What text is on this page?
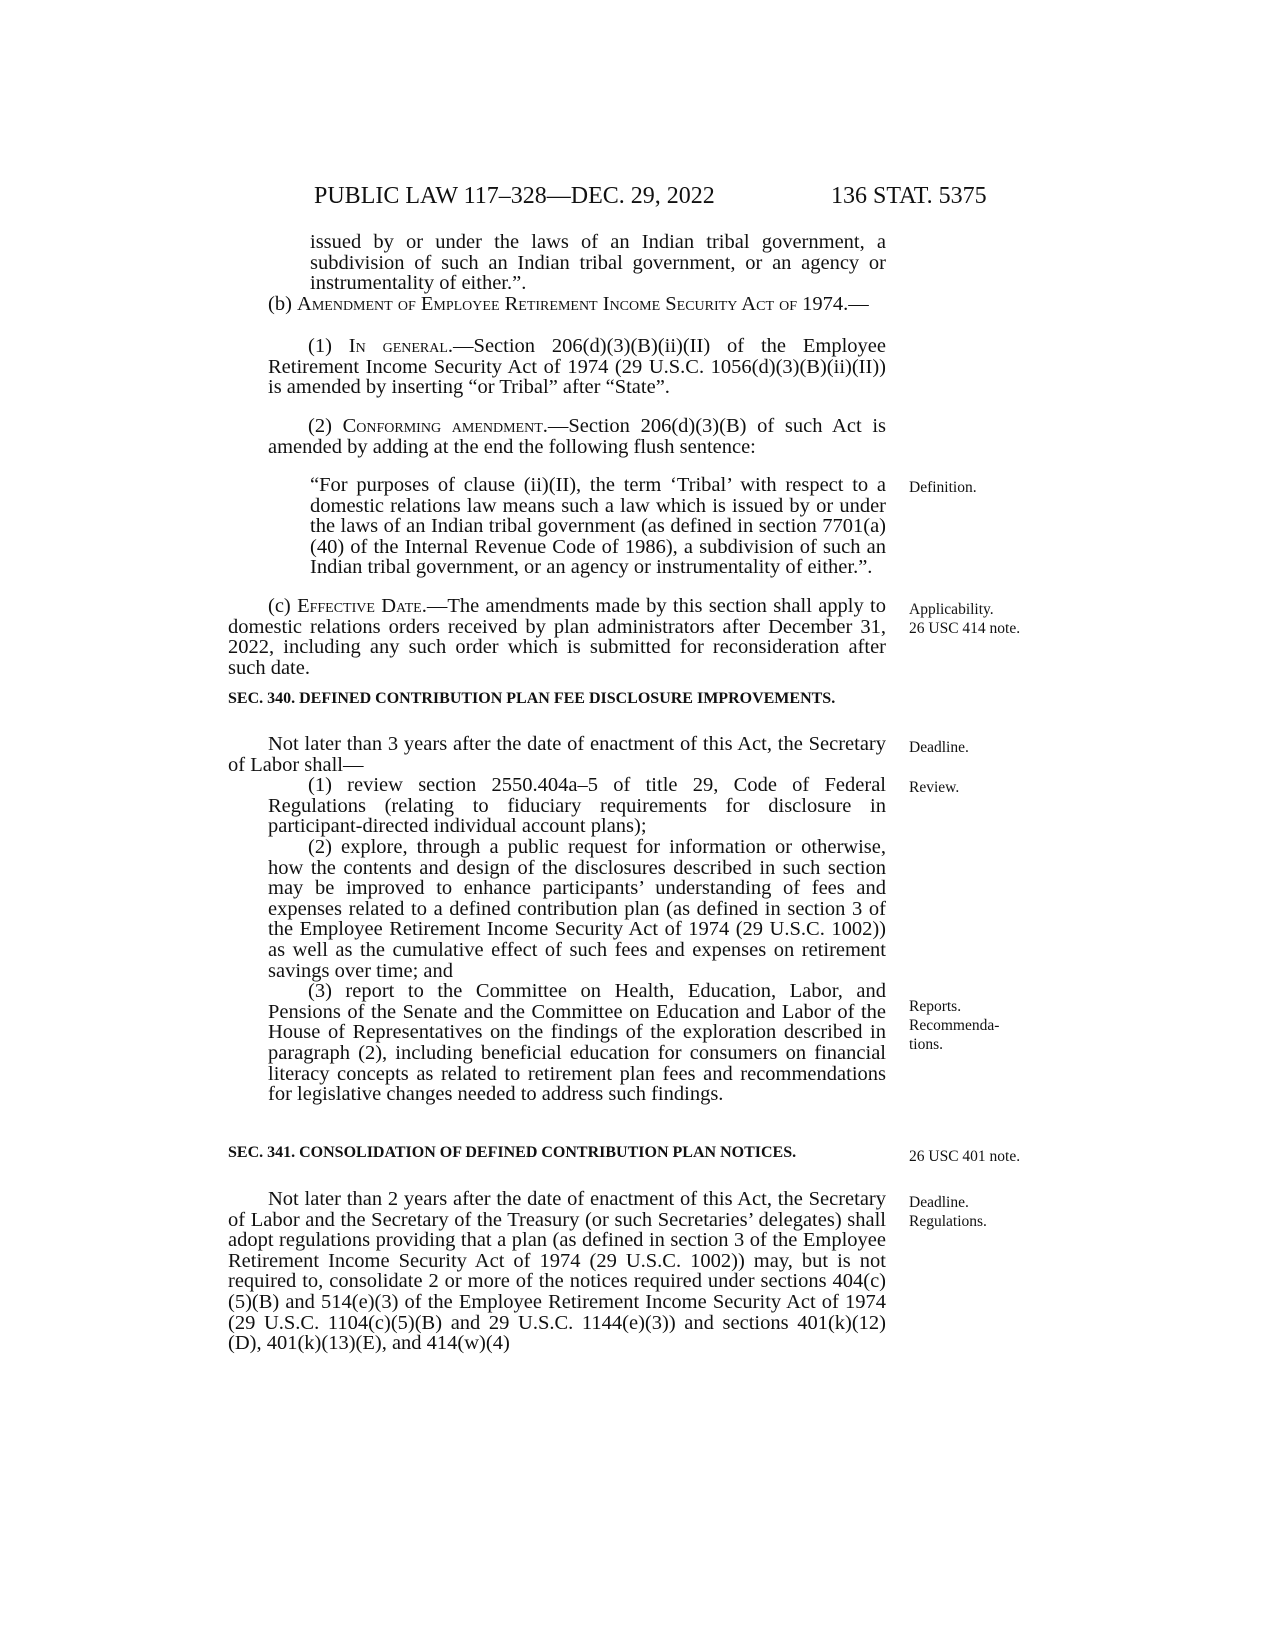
PUBLIC LAW 117–328—DEC. 29, 2022	136 STAT. 5375

issued by or under the laws of an Indian tribal government, a subdivision of such an Indian tribal government, or an agency or instrumentality of either.”.

(b) Amendment of Employee Retirement Income Security Act of 1974.—

(1) In general.—Section 206(d)(3)(B)(ii)(II) of the Employee Retirement Income Security Act of 1974 (29 U.S.C. 1056(d)(3)(B)(ii)(II)) is amended by inserting “or Tribal” after “State”.

(2) Conforming amendment.—Section 206(d)(3)(B) of such Act is amended by adding at the end the following flush sentence:

“For purposes of clause (ii)(II), the term ‘Tribal’ with respect to a domestic relations law means such a law which is issued by or under the laws of an Indian tribal government (as defined in section 7701(a)(40) of the Internal Revenue Code of 1986), a subdivision of such an Indian tribal government, or an agency or instrumentality of either.”.

(c) Effective Date.—The amendments made by this section shall apply to domestic relations orders received by plan administrators after December 31, 2022, including any such order which is submitted for reconsideration after such date.

SEC. 340. DEFINED CONTRIBUTION PLAN FEE DISCLOSURE IMPROVEMENTS.

Not later than 3 years after the date of enactment of this Act, the Secretary of Labor shall—

(1) review section 2550.404a–5 of title 29, Code of Federal Regulations (relating to fiduciary requirements for disclosure in participant-directed individual account plans);

(2) explore, through a public request for information or otherwise, how the contents and design of the disclosures described in such section may be improved to enhance participants’ understanding of fees and expenses related to a defined contribution plan (as defined in section 3 of the Employee Retirement Income Security Act of 1974 (29 U.S.C. 1002)) as well as the cumulative effect of such fees and expenses on retirement savings over time; and

(3) report to the Committee on Health, Education, Labor, and Pensions of the Senate and the Committee on Education and Labor of the House of Representatives on the findings of the exploration described in paragraph (2), including beneficial education for consumers on financial literacy concepts as related to retirement plan fees and recommendations for legislative changes needed to address such findings.

SEC. 341. CONSOLIDATION OF DEFINED CONTRIBUTION PLAN NOTICES.

Not later than 2 years after the date of enactment of this Act, the Secretary of Labor and the Secretary of the Treasury (or such Secretaries’ delegates) shall adopt regulations providing that a plan (as defined in section 3 of the Employee Retirement Income Security Act of 1974 (29 U.S.C. 1002)) may, but is not required to, consolidate 2 or more of the notices required under sections 404(c)(5)(B) and 514(e)(3) of the Employee Retirement Income Security Act of 1974 (29 U.S.C. 1104(c)(5)(B) and 29 U.S.C. 1144(e)(3)) and sections 401(k)(12)(D), 401(k)(13)(E), and 414(w)(4)

Definition.
Applicability.
26 USC 414 note.
Deadline.
Review.
Reports.
Recommenda-
tions.
26 USC 401 note.
Deadline.
Regulations.
